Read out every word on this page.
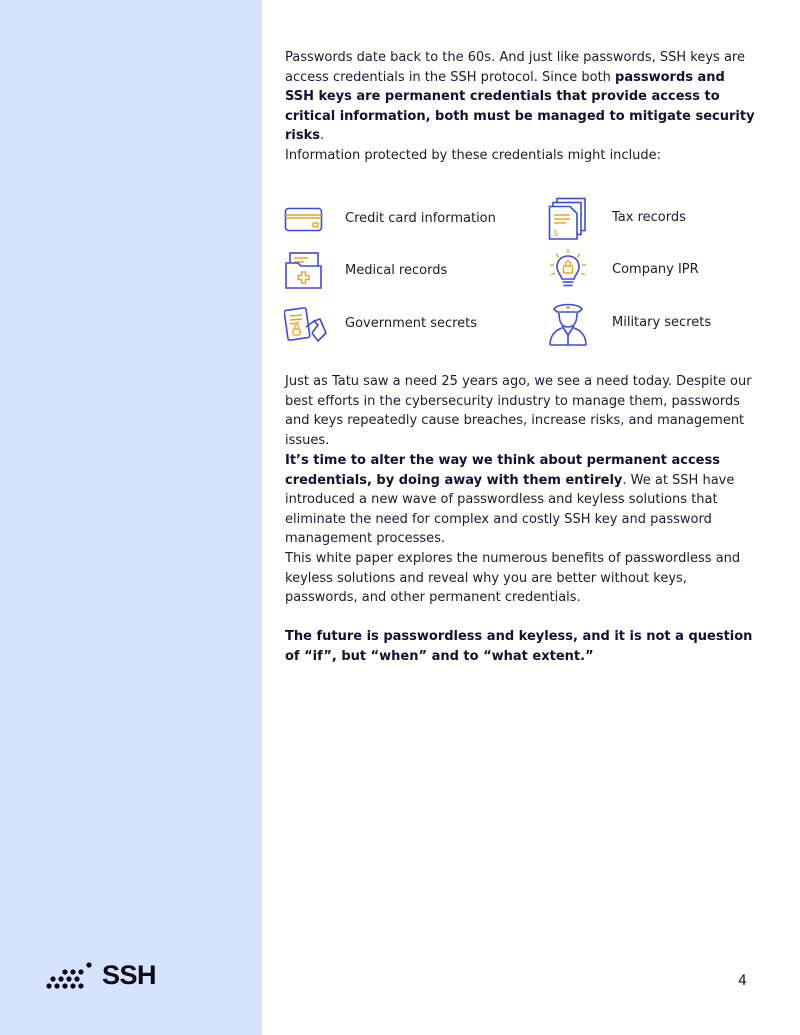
SSH

Passwords date back to the 60s. And just like passwords, SSH keys are access credentials in the SSH protocol. Since both passwords and SSH keys are permanent credentials that provide access to critical information, both must be managed to mitigate security risks.

Information protected by these credentials might include:

Credit card information
$
Tax records
Medical records	Company IPR
Government secrets	Military secrets

Just as Tatu saw a need 25 years ago, we see a need today. Despite our best efforts in the cybersecurity industry to manage them, passwords and keys repeatedly cause breaches, increase risks, and management issues.

It’s time to alter the way we think about permanent access credentials, by doing away with them entirely. We at SSH have introduced a new wave of passwordless and keyless solutions that eliminate the need for complex and costly SSH key and password management processes.

This white paper explores the numerous benefits of passwordless and keyless solutions and reveal why you are better without keys, passwords, and other permanent credentials.

The future is passwordless and keyless, and it is not a question of “if”, but “when” and to “what extent.”

4
